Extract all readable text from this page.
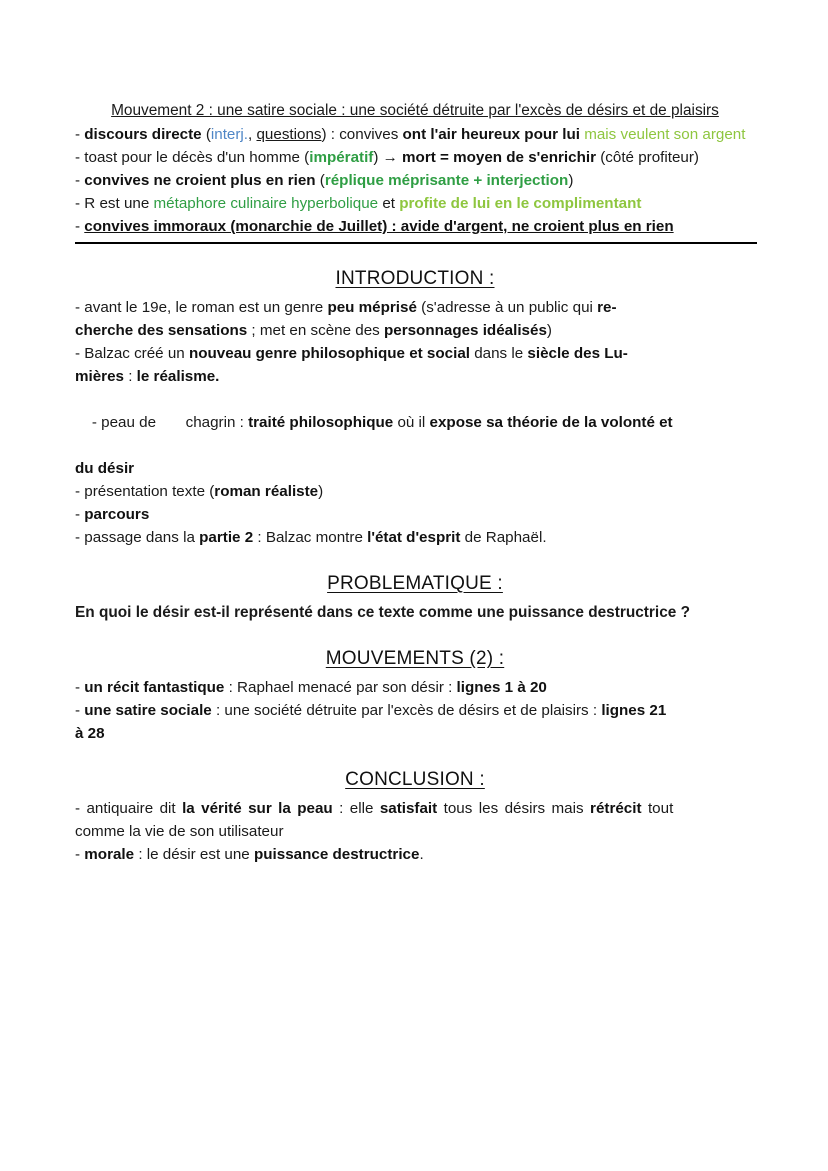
Mouvement 2 : une satire sociale : une société détruite par l'excès de désirs et de plaisirs
- discours directe (interj., questions) : convives ont l'air heureux pour lui mais veulent son argent
- toast pour le décès d'un homme (impératif) → mort = moyen de s'enrichir (côté profiteur)
- convives ne croient plus en rien (réplique méprisante + interjection)
- R est une métaphore culinaire hyperbolique et profite de lui en le complimentant
- convives immoraux (monarchie de Juillet) : avide d'argent, ne croient plus en rien
INTRODUCTION :
- avant le 19e, le roman est un genre peu méprisé (s'adresse à un public qui re-
cherche des sensations ; met en scène des personnages idéalisés)
- Balzac créé un nouveau genre philosophique et social dans le siècle des Lu-
mières : le réalisme.

- peau de       chagrin : traité philosophique où il expose sa théorie de la volonté et

du désir
- présentation texte (roman réaliste)
- parcours
- passage dans la partie 2 : Balzac montre l'état d'esprit de Raphaël.
PROBLEMATIQUE :
En quoi le désir est-il représenté dans ce texte comme une puissance destructrice ?
MOUVEMENTS (2) :
- un récit fantastique : Raphael menacé par son désir : lignes 1 à 20
- une satire sociale : une société détruite par l'excès de désirs et de plaisirs : lignes 21
à 28
CONCLUSION :
- antiquaire dit la vérité sur la peau : elle satisfait tous les désirs mais rétrécit tout
comme la vie de son utilisateur
- morale : le désir est une puissance destructrice.
